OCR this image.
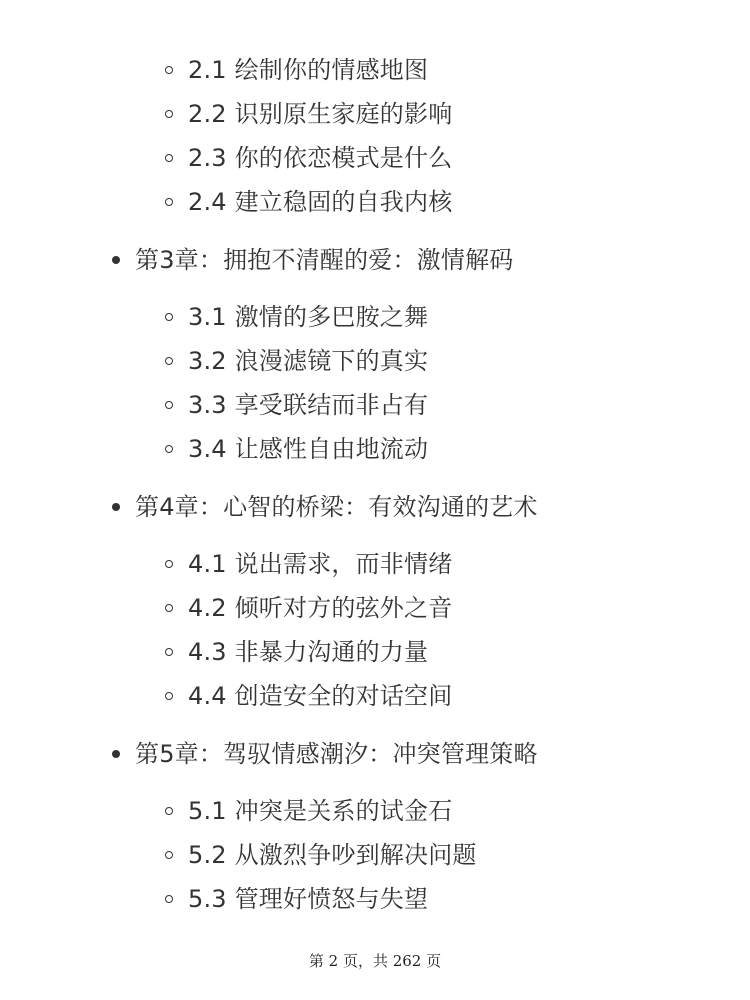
2.1 绘制你的情感地图
2.2 识别原生家庭的影响
2.3 你的依恋模式是什么
2.4 建立稳固的自我内核
第3章：拥抱不清醒的爱：激情解码
3.1 激情的多巴胺之舞
3.2 浪漫滤镜下的真实
3.3 享受联结而非占有
3.4 让感性自由地流动
第4章：心智的桥梁：有效沟通的艺术
4.1 说出需求，而非情绪
4.2 倾听对方的弦外之音
4.3 非暴力沟通的力量
4.4 创造安全的对话空间
第5章：驾驭情感潮汐：冲突管理策略
5.1 冲突是关系的试金石
5.2 从激烈争吵到解决问题
5.3 管理好愤怒与失望
第 2 页，共 262 页
